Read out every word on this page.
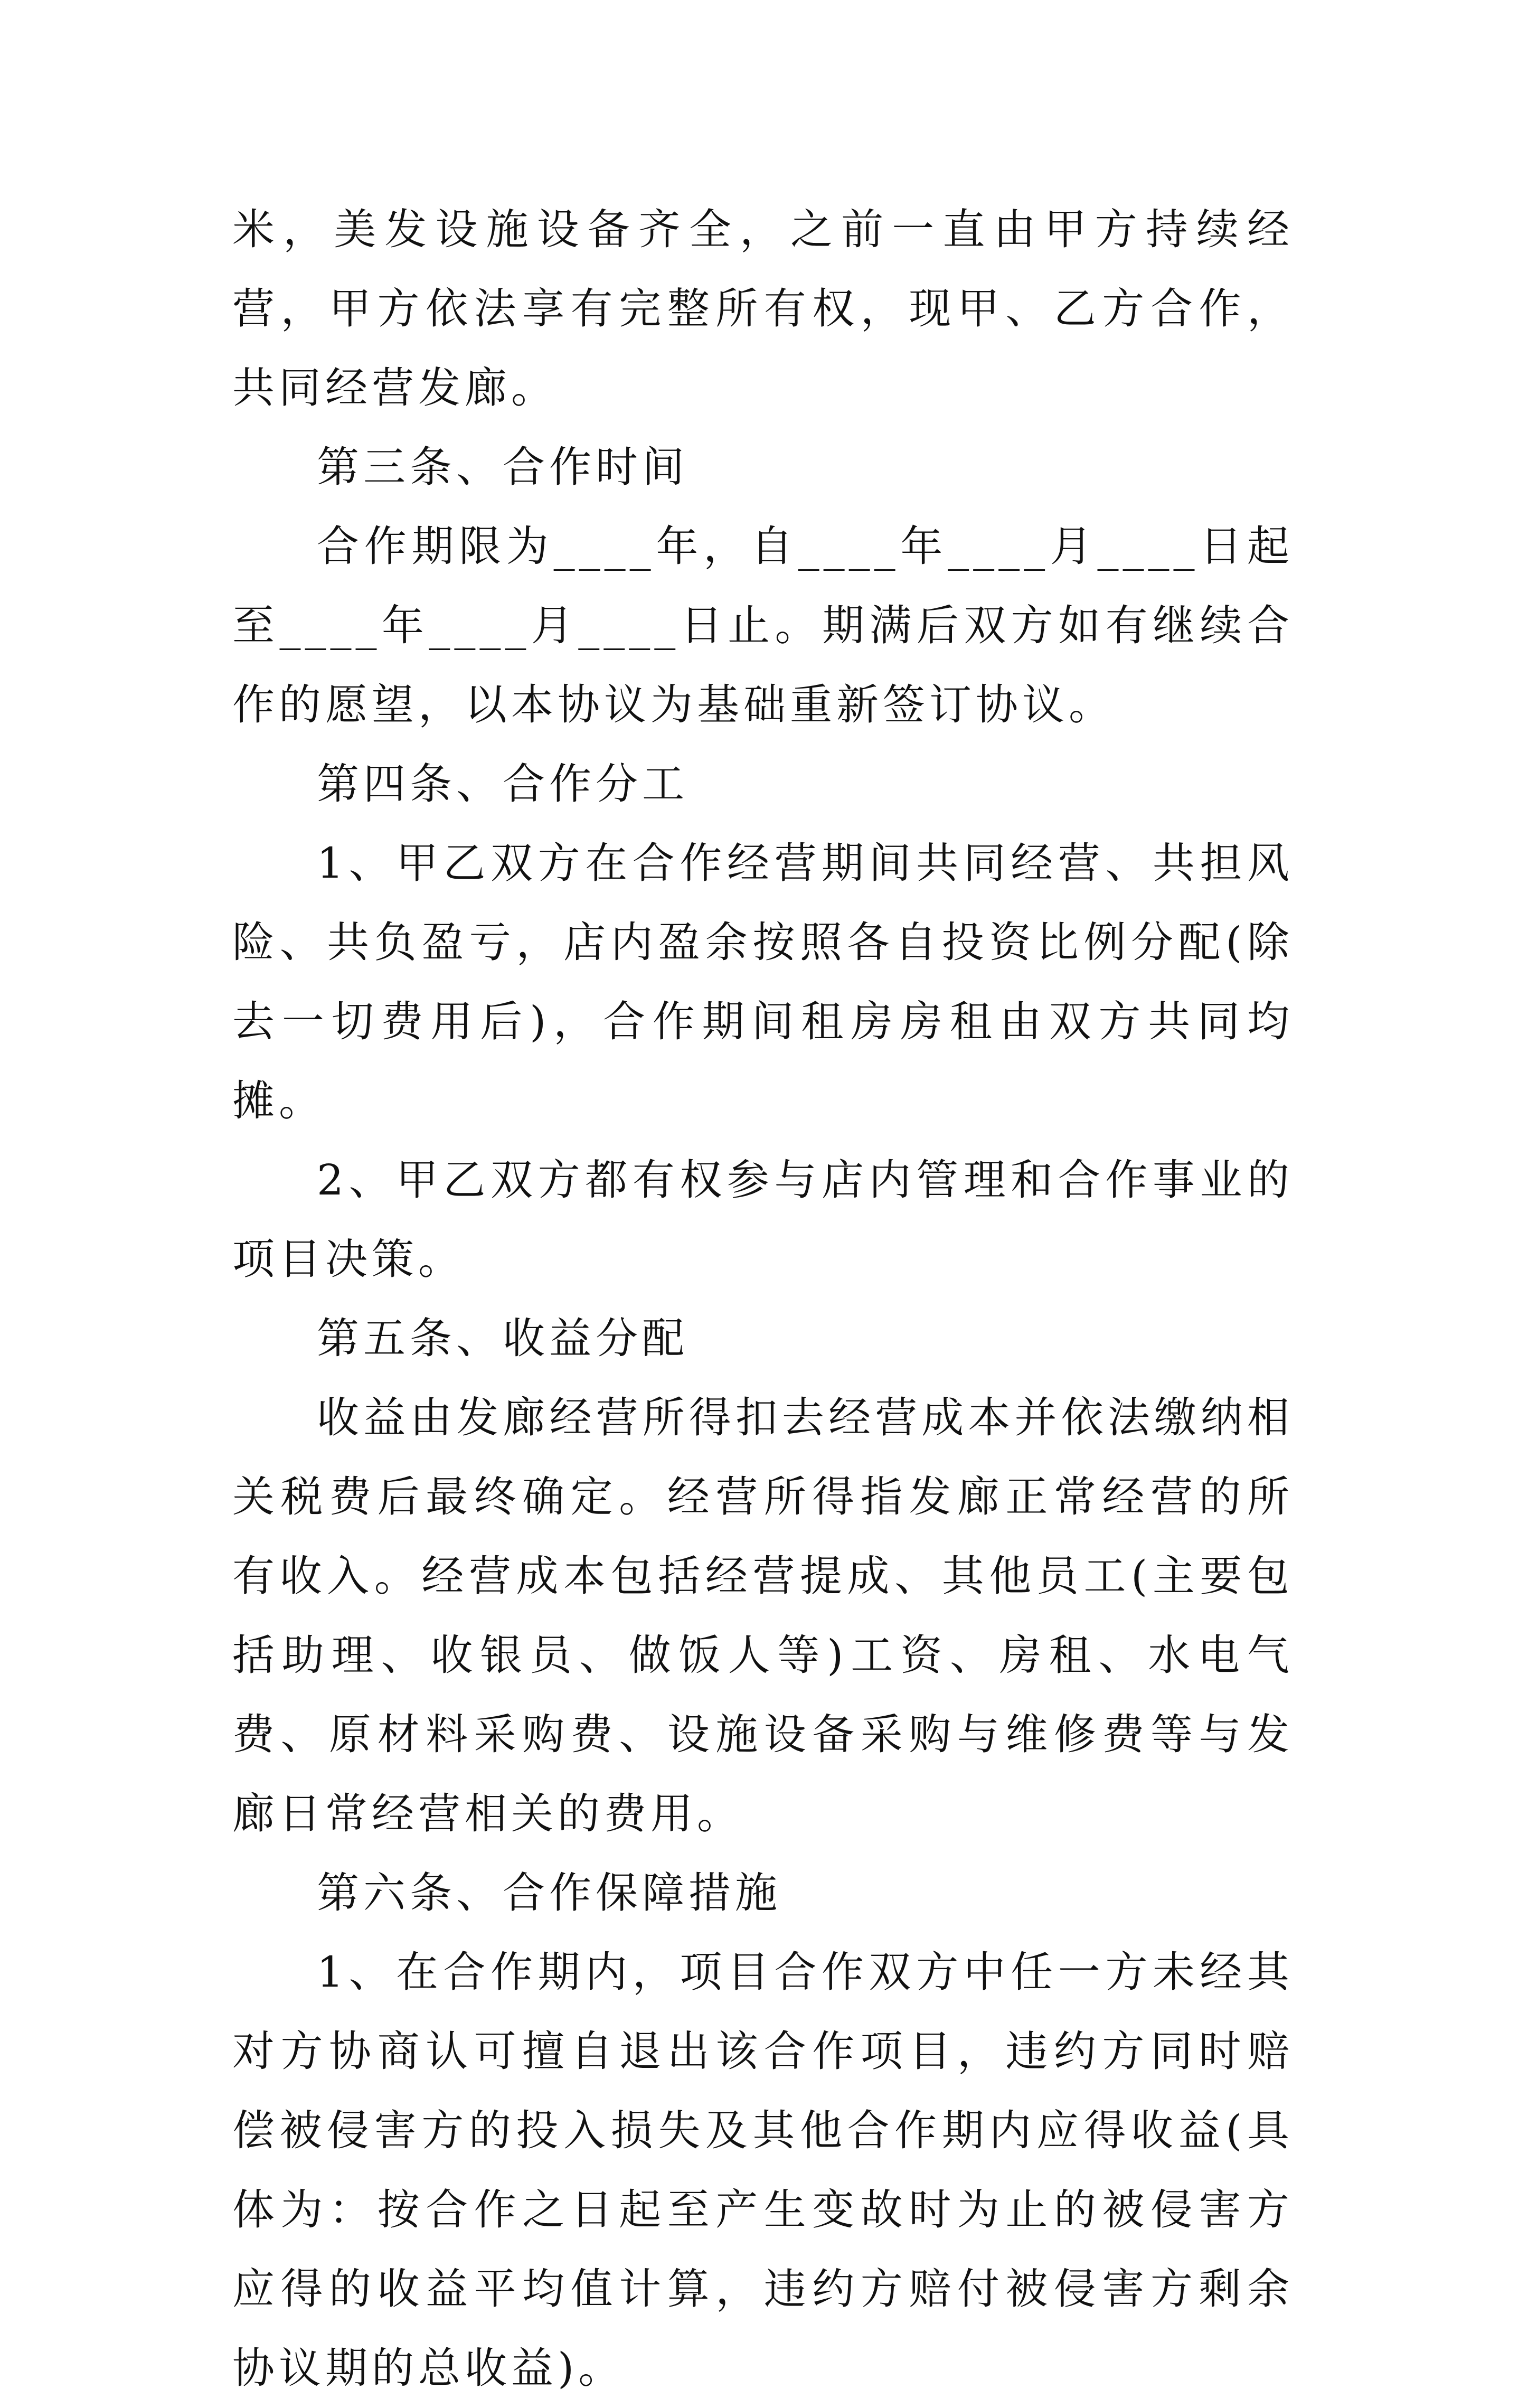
米，美发设施设备齐全，之前一直由甲方持续经营，甲方依法享有完整所有权，现甲、乙方合作，共同经营发廊。

第三条、合作时间

合作期限为____年，自____年____月____日起至____年____月____日止。期满后双方如有继续合作的愿望，以本协议为基础重新签订协议。

第四条、合作分工

1、甲乙双方在合作经营期间共同经营、共担风险、共负盈亏，店内盈余按照各自投资比例分配(除去一切费用后)，合作期间租房房租由双方共同均摊。

2、甲乙双方都有权参与店内管理和合作事业的项目决策。

第五条、收益分配

收益由发廊经营所得扣去经营成本并依法缴纳相关税费后最终确定。经营所得指发廊正常经营的所有收入。经营成本包括经营提成、其他员工(主要包括助理、收银员、做饭人等)工资、房租、水电气费、原材料采购费、设施设备采购与维修费等与发廊日常经营相关的费用。

第六条、合作保障措施

1、在合作期内，项目合作双方中任一方未经其对方协商认可擅自退出该合作项目，违约方同时赔偿被侵害方的投入损失及其他合作期内应得收益(具体为：按合作之日起至产生变故时为止的被侵害方应得的收益平均值计算，违约方赔付被侵害方剩余协议期的总收益)。
